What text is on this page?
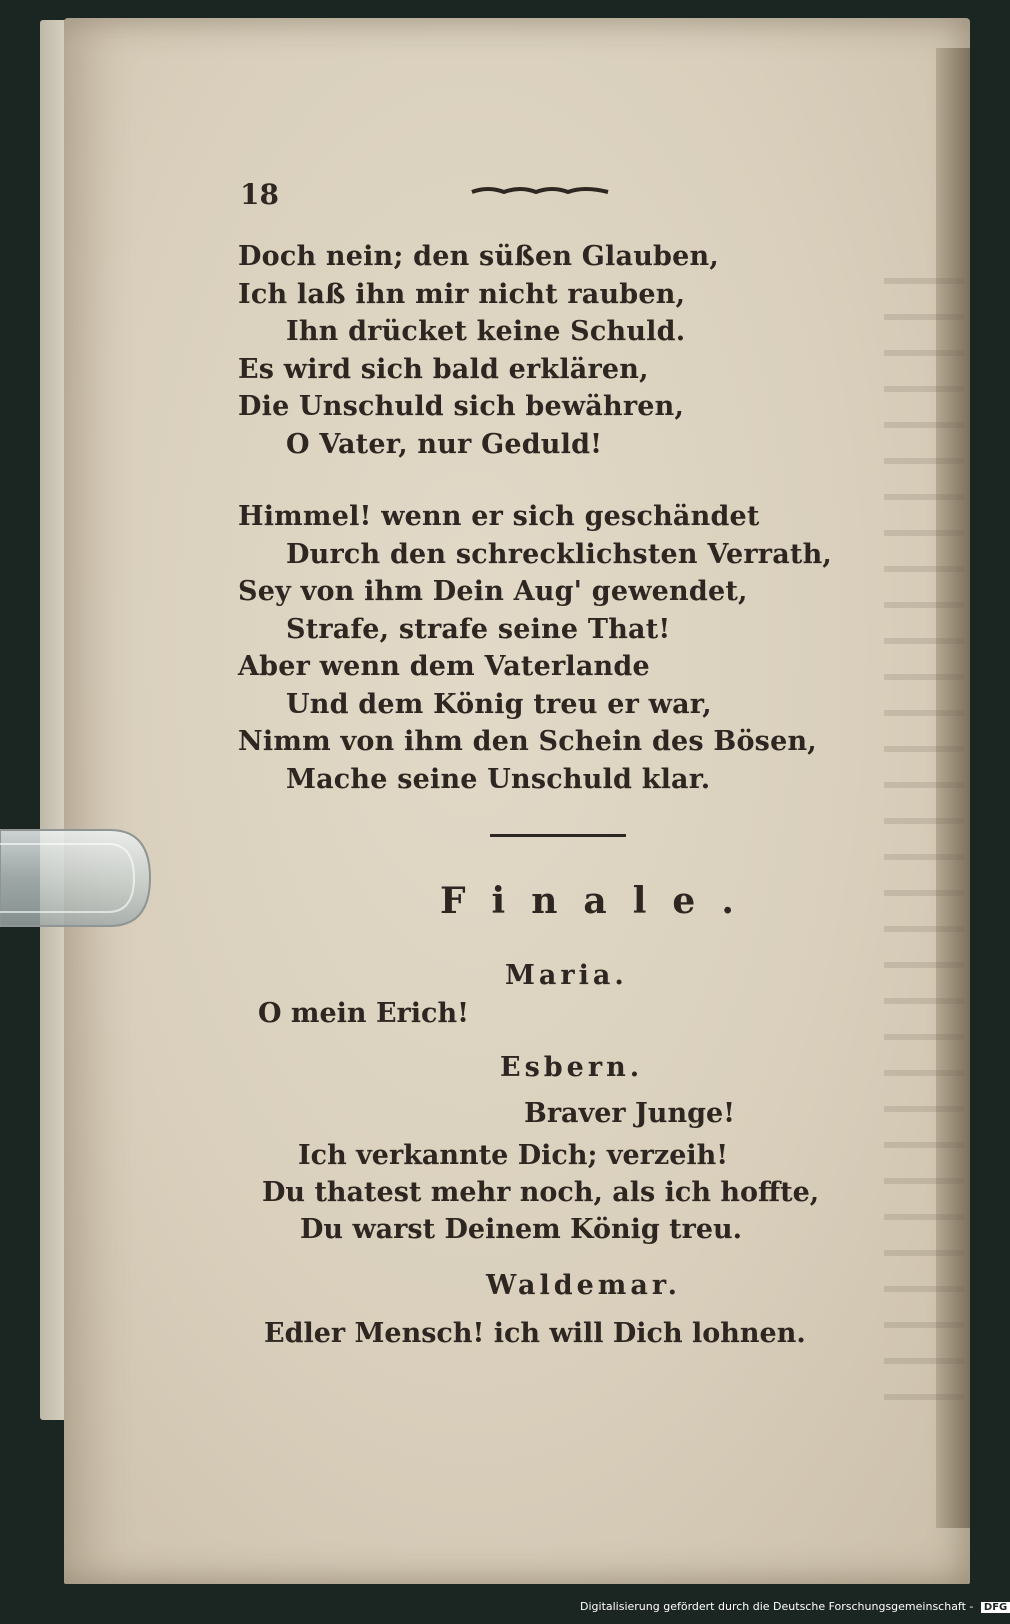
18
Doch nein; den süßen Glauben,
Ich laß ihn mir nicht rauben,
Ihn drücket keine Schuld.
Es wird sich bald erklären,
Die Unschuld sich bewähren,
O Vater, nur Geduld!
Himmel! wenn er sich geschändet
Durch den schrecklichsten Verrath,
Sey von ihm Dein Aug' gewendet,
Strafe, strafe seine That!
Aber wenn dem Vaterlande
Und dem König treu er war,
Nimm von ihm den Schein des Bösen,
Mache seine Unschuld klar.
Finale.
Maria.
O mein Erich!
Esbern.
Braver Junge!
Ich verkannte Dich; verzeih!
Du thatest mehr noch, als ich hoffte,
Du warst Deinem König treu.
Waldemar.
Edler Mensch! ich will Dich lohnen.
Digitalisierung gefördert durch die Deutsche Forschungsgemeinschaft - DFG
